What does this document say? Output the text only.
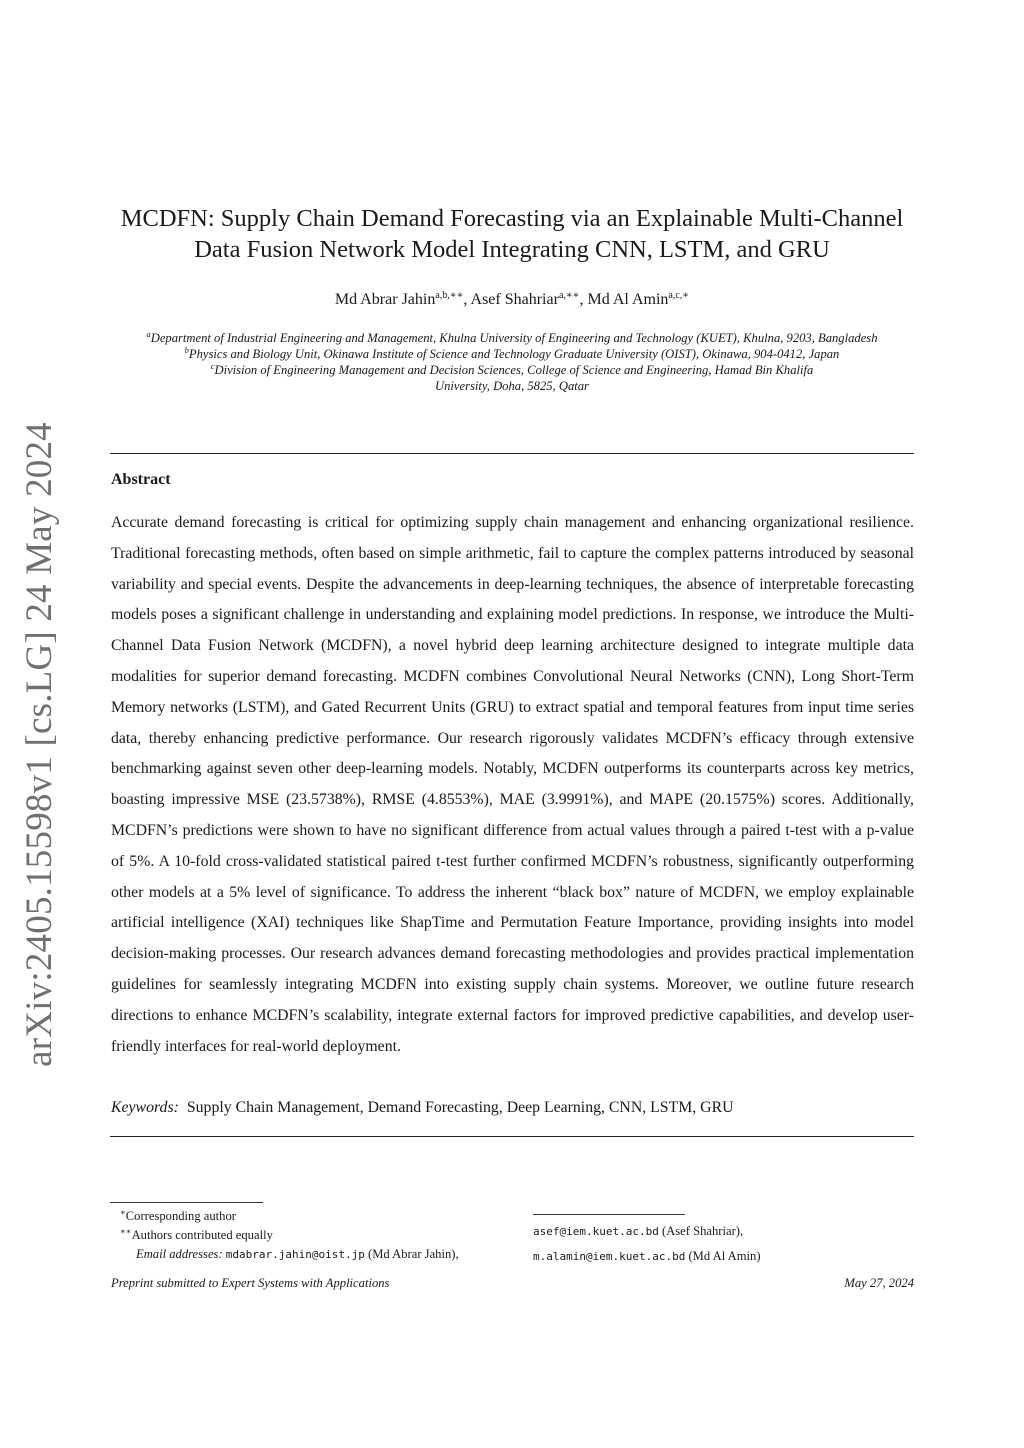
arXiv:2405.15598v1 [cs.LG] 24 May 2024
MCDFN: Supply Chain Demand Forecasting via an Explainable Multi-Channel
Data Fusion Network Model Integrating CNN, LSTM, and GRU
Md Abrar Jahin$^{a,b,∗∗}$, Asef Shahriar$^{a,∗∗}$, Md Al Amin$^{a,c,∗}$
$^a$Department of Industrial Engineering and Management, Khulna University of Engineering and Technology (KUET), Khulna, 9203, Bangladesh
$^b$Physics and Biology Unit, Okinawa Institute of Science and Technology Graduate University (OIST), Okinawa, 904-0412, Japan
$^c$Division of Engineering Management and Decision Sciences, College of Science and Engineering, Hamad Bin Khalifa
University, Doha, 5825, Qatar
Abstract
Accurate demand forecasting is critical for optimizing supply chain management and enhancing organizational resilience. Traditional forecasting methods, often based on simple arithmetic, fail to capture the complex patterns introduced by seasonal variability and special events. Despite the advancements in deep-learning techniques, the absence of interpretable forecasting models poses a significant challenge in understanding and explaining model predictions. In response, we introduce the Multi-Channel Data Fusion Network (MCDFN), a novel hybrid deep learning architecture designed to integrate multiple data modalities for superior demand forecasting. MCDFN combines Convolutional Neural Networks (CNN), Long Short-Term Memory networks (LSTM), and Gated Recurrent Units (GRU) to extract spatial and temporal features from input time series data, thereby enhancing predictive performance. Our research rigorously validates MCDFN’s efficacy through extensive benchmarking against seven other deep-learning models. Notably, MCDFN outperforms its counterparts across key metrics, boasting impressive MSE (23.5738%), RMSE (4.8553%), MAE (3.9991%), and MAPE (20.1575%) scores. Additionally, MCDFN’s predictions were shown to have no significant difference from actual values through a paired t-test with a p-value of 5%. A 10-fold cross-validated statistical paired t-test further confirmed MCDFN’s robustness, significantly outperforming other models at a 5% level of significance. To address the inherent “black box” nature of MCDFN, we employ explainable artificial intelligence (XAI) techniques like ShapTime and Permutation Feature Importance, providing insights into model decision-making processes. Our research advances demand forecasting methodologies and provides practical implementation guidelines for seamlessly integrating MCDFN into existing supply chain systems. Moreover, we outline future research directions to enhance MCDFN’s scalability, integrate external factors for improved predictive capabilities, and develop user-friendly interfaces for real-world deployment.
Keywords: Supply Chain Management, Demand Forecasting, Deep Learning, CNN, LSTM, GRU
∗Corresponding author
∗∗Authors contributed equally
Email addresses: mdabrar.jahin@oist.jp (Md Abrar Jahin),
asef@iem.kuet.ac.bd (Asef Shahriar),
m.alamin@iem.kuet.ac.bd (Md Al Amin)
Preprint submitted to Expert Systems with Applications	May 27, 2024
